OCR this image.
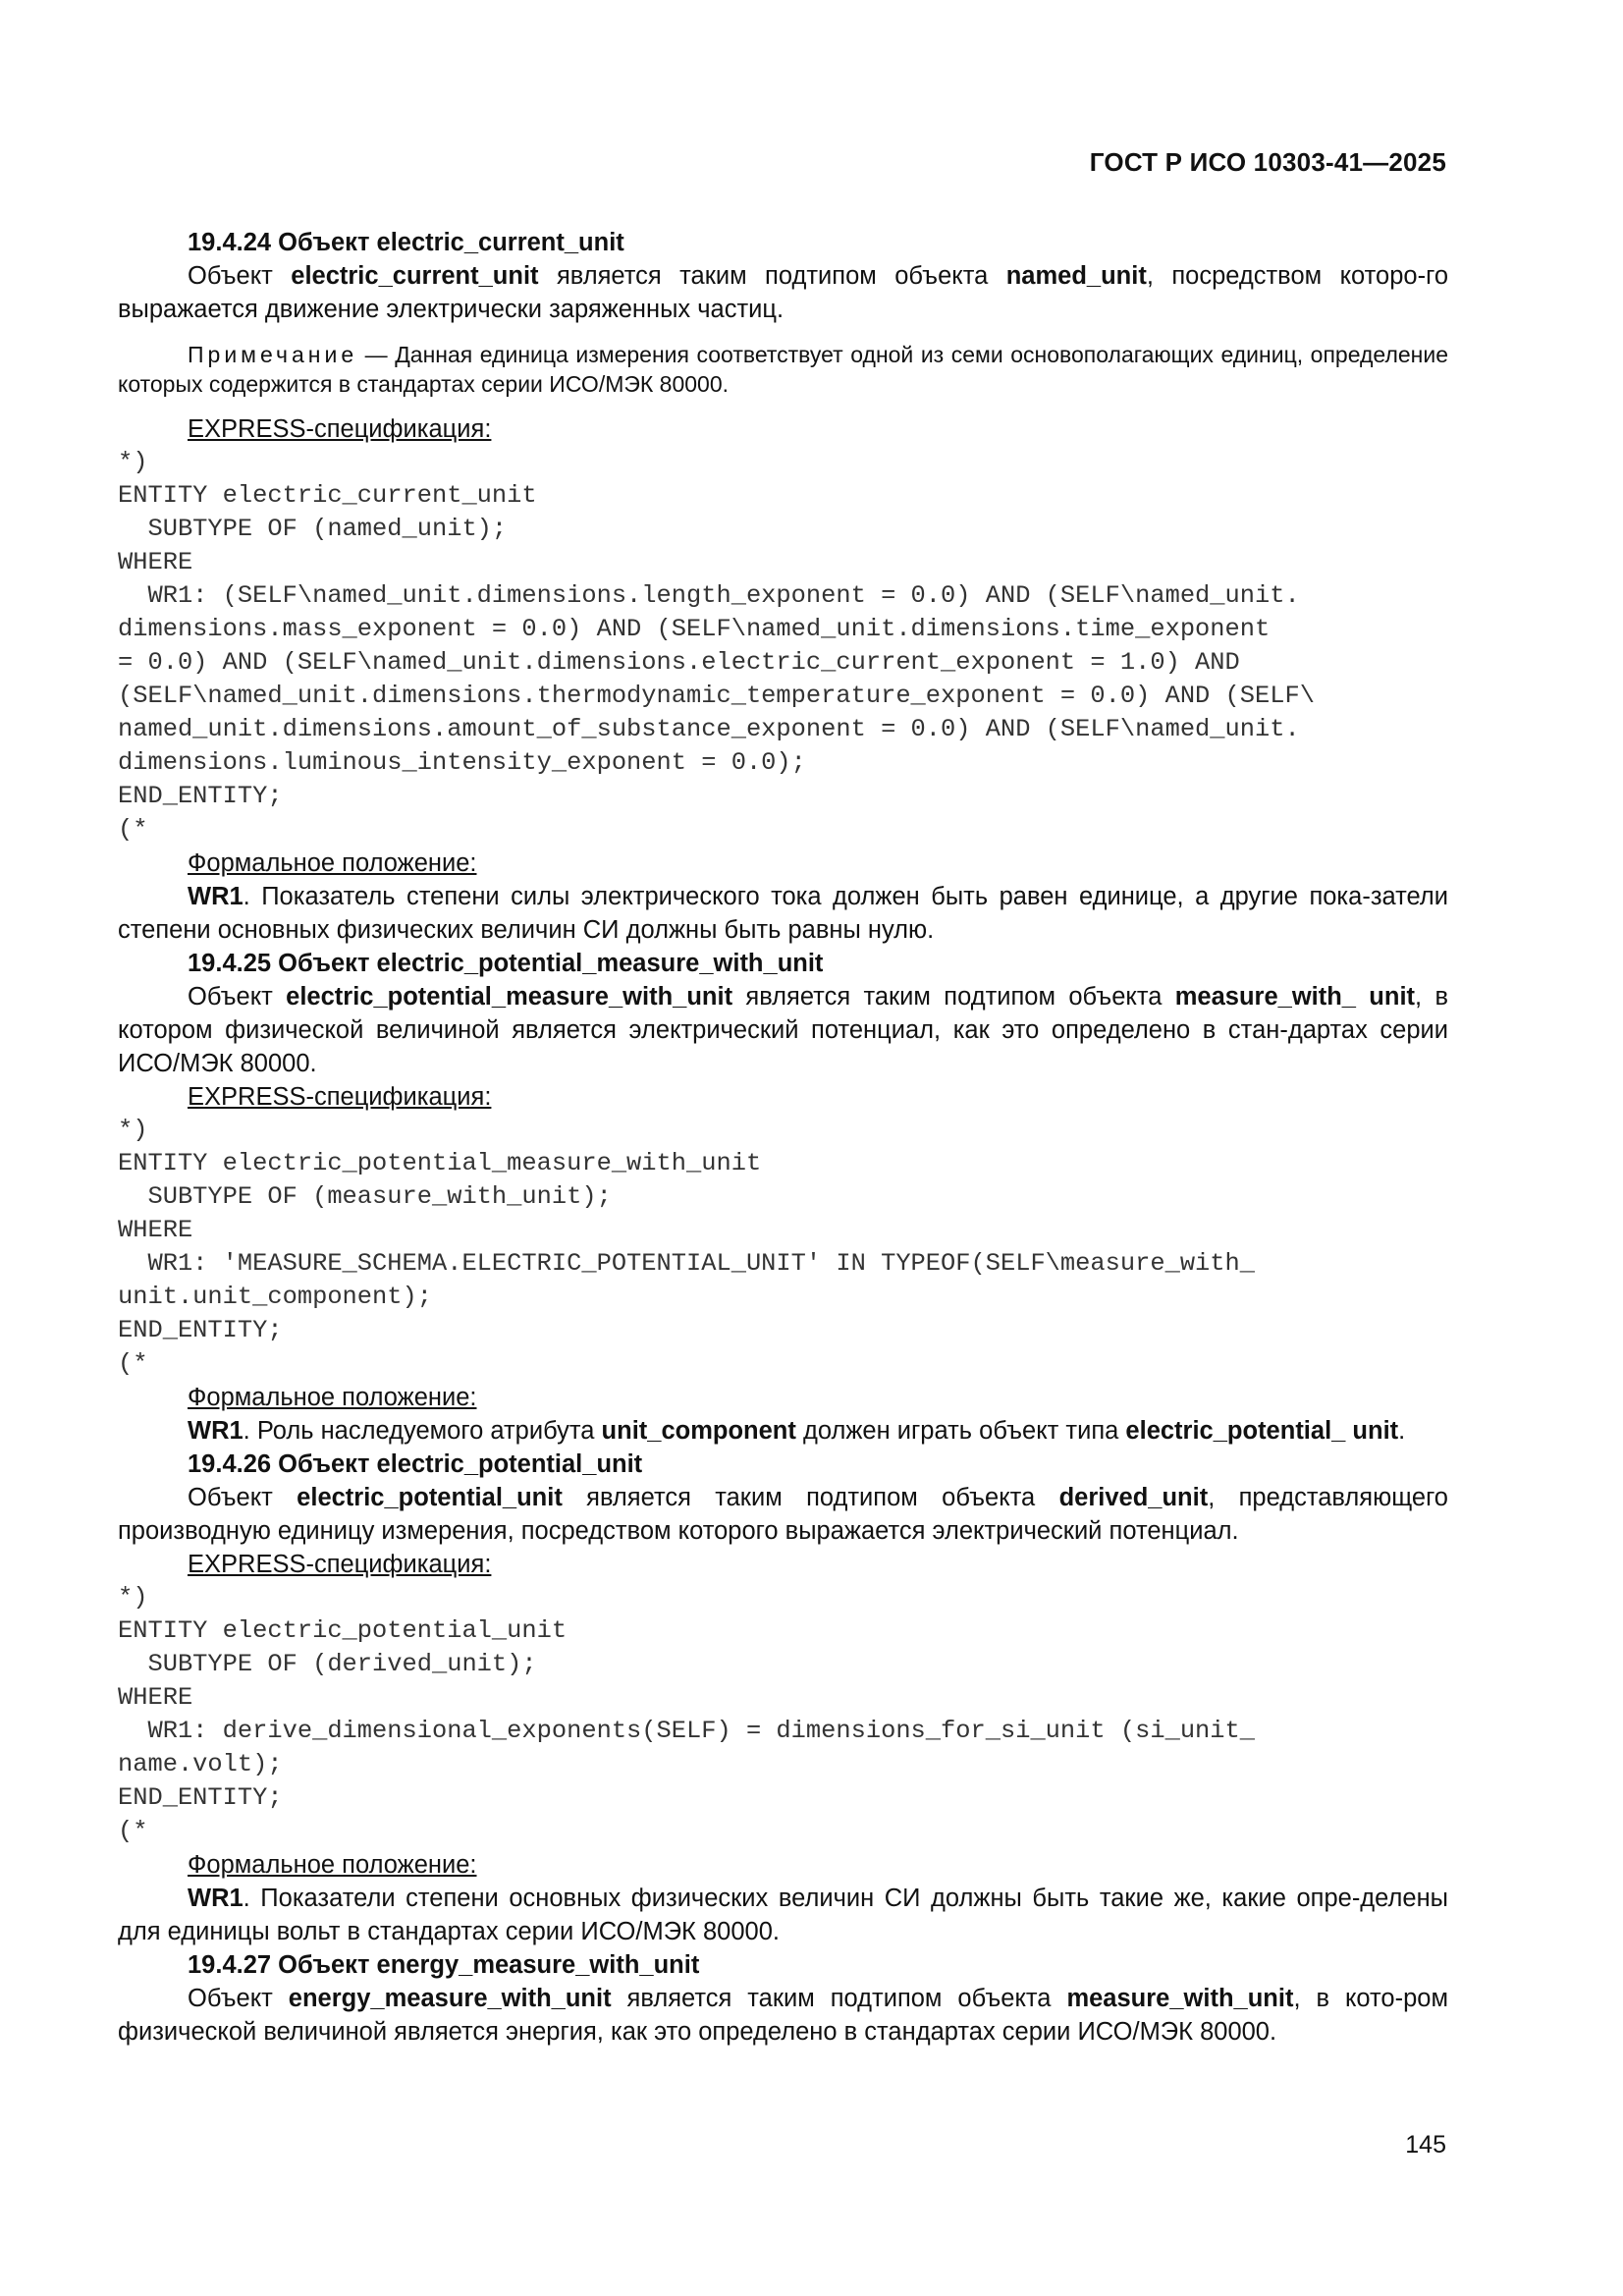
ГОСТ Р ИСО 10303-41—2025
19.4.24 Объект electric_current_unit

Объект electric_current_unit является таким подтипом объекта named_unit, посредством которо-го выражается движение электрически заряженных частиц.

Примечание — Данная единица измерения соответствует одной из семи основополагающих единиц, определение которых содержится в стандартах серии ИСО/МЭК 80000.

EXPRESS-спецификация:
*)
ENTITY electric_current_unit
SUBTYPE OF (named_unit);
WHERE
WR1: (SELF\named_unit.dimensions.length_exponent = 0.0) AND (SELF\named_unit.
dimensions.mass_exponent = 0.0) AND (SELF\named_unit.dimensions.time_exponent
= 0.0) AND (SELF\named_unit.dimensions.electric_current_exponent = 1.0) AND
(SELF\named_unit.dimensions.thermodynamic_temperature_exponent = 0.0) AND (SELF\
named_unit.dimensions.amount_of_substance_exponent = 0.0) AND (SELF\named_unit.
dimensions.luminous_intensity_exponent = 0.0);
END_ENTITY;
(*
Формальное положение:

WR1. Показатель степени силы электрического тока должен быть равен единице, а другие пока-затели степени основных физических величин СИ должны быть равны нулю.

19.4.25 Объект electric_potential_measure_with_unit

Объект electric_potential_measure_with_unit является таким подтипом объекта measure_with_ unit, в котором физической величиной является электрический потенциал, как это определено в стан-дартах серии ИСО/МЭК 80000.

EXPRESS-спецификация:
*)
ENTITY electric_potential_measure_with_unit
SUBTYPE OF (measure_with_unit);
WHERE
WR1: 'MEASURE_SCHEMA.ELECTRIC_POTENTIAL_UNIT' IN TYPEOF(SELF\measure_with_
unit.unit_component);
END_ENTITY;
(*
Формальное положение:

WR1. Роль наследуемого атрибута unit_component должен играть объект типа electric_potential_ unit.

19.4.26 Объект electric_potential_unit

Объект electric_potential_unit является таким подтипом объекта derived_unit, представляющего производную единицу измерения, посредством которого выражается электрический потенциал.

EXPRESS-спецификация:
*)
ENTITY electric_potential_unit
SUBTYPE OF (derived_unit);
WHERE
WR1: derive_dimensional_exponents(SELF) = dimensions_for_si_unit (si_unit_
name.volt);
END_ENTITY;
(*
Формальное положение:

WR1. Показатели степени основных физических величин СИ должны быть такие же, какие опре-делены для единицы вольт в стандартах серии ИСО/МЭК 80000.

19.4.27 Объект energy_measure_with_unit

Объект energy_measure_with_unit является таким подтипом объекта measure_with_unit, в кото-ром физической величиной является энергия, как это определено в стандартах серии ИСО/МЭК 80000.

145
